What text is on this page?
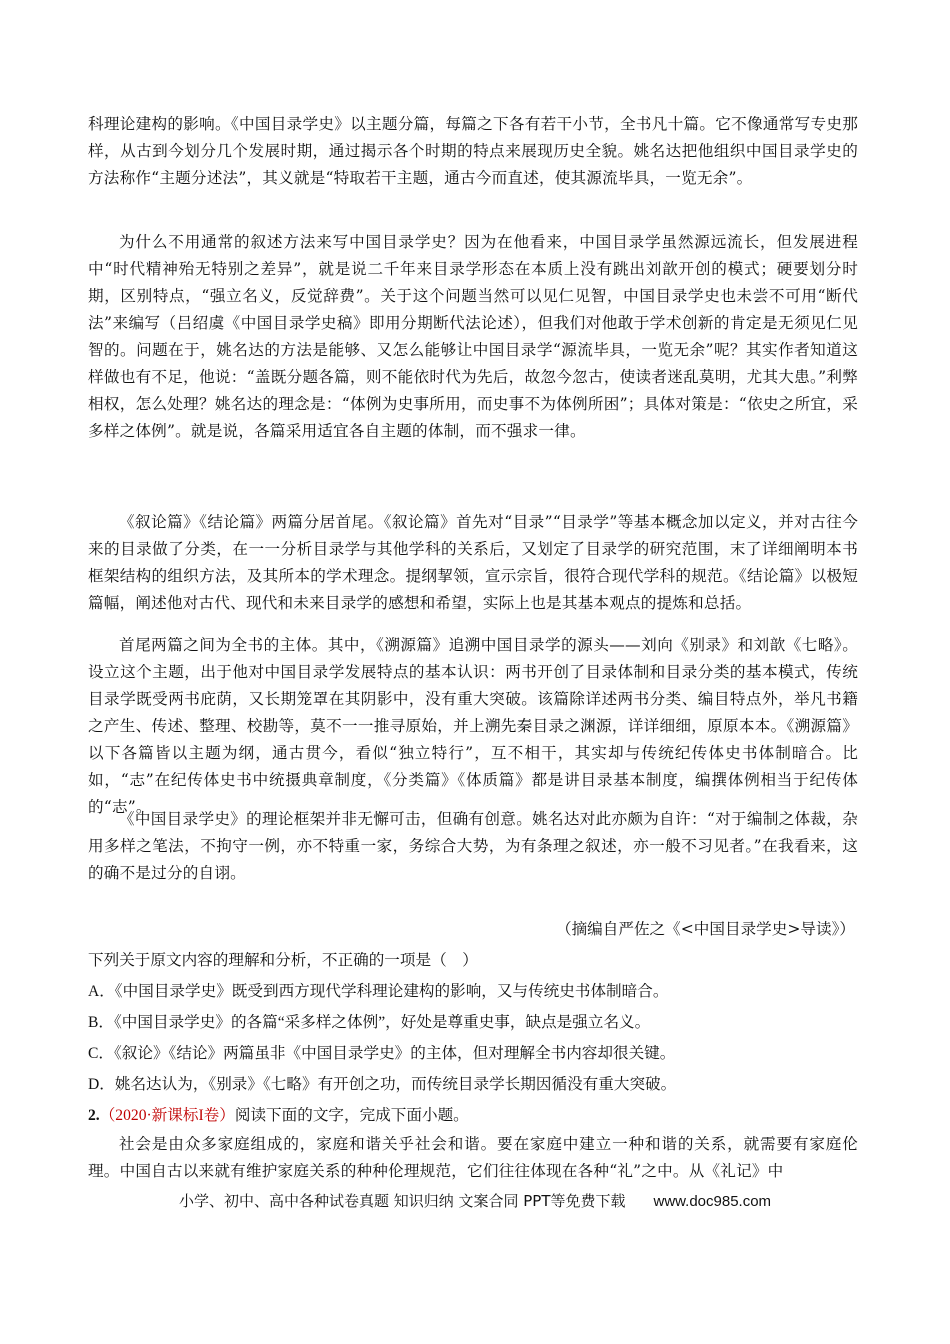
科理论建构的影响。《中国目录学史》以主题分篇，每篇之下各有若干小节，全书凡十篇。它不像通常写专史那样，从古到今划分几个发展时期，通过揭示各个时期的特点来展现历史全貌。姚名达把他组织中国目录学史的方法称作“主题分述法”，其义就是“特取若干主题，通古今而直述，使其源流毕具，一览无余”。

为什么不用通常的叙述方法来写中国目录学史？因为在他看来，中国目录学虽然源远流长，但发展进程中“时代精神殆无特别之差异”，就是说二千年来目录学形态在本质上没有跳出刘歆开创的模式；硬要划分时期，区别特点，“强立名义，反觉辞费”。关于这个问题当然可以见仁见智，中国目录学史也未尝不可用“断代法”来编写（吕绍虞《中国目录学史稿》即用分期断代法论述），但我们对他敢于学术创新的肯定是无须见仁见智的。问题在于，姚名达的方法是能够、又怎么能够让中国目录学“源流毕具，一览无余”呢？其实作者知道这样做也有不足，他说：“盖既分题各篇，则不能依时代为先后，故忽今忽古，使读者迷乱莫明，尤其大患。”利弊相权，怎么处理？姚名达的理念是：“体例为史事所用，而史事不为体例所困”；具体对策是：“依史之所宜，采多样之体例”。就是说，各篇采用适宜各自主题的体制，而不强求一律。

《叙论篇》《结论篇》两篇分居首尾。《叙论篇》首先对“目录”“目录学”等基本概念加以定义，并对古往今来的目录做了分类，在一一分析目录学与其他学科的关系后，又划定了目录学的研究范围，末了详细阐明本书框架结构的组织方法，及其所本的学术理念。提纲挈领，宣示宗旨，很符合现代学科的规范。《结论篇》以极短篇幅，阐述他对古代、现代和未来目录学的感想和希望，实际上也是其基本观点的提炼和总括。

首尾两篇之间为全书的主体。其中，《溯源篇》追溯中国目录学的源头——刘向《别录》和刘歆《七略》。设立这个主题，出于他对中国目录学发展特点的基本认识：两书开创了目录体制和目录分类的基本模式，传统目录学既受两书庇荫，又长期笼罩在其阴影中，没有重大突破。该篇除详述两书分类、编目特点外，举凡书籍之产生、传述、整理、校勘等，莫不一一推寻原始，并上溯先秦目录之渊源，详详细细，原原本本。《溯源篇》以下各篇皆以主题为纲，通古贯今，看似“独立特行”，互不相干，其实却与传统纪传体史书体制暗合。比如，“志”在纪传体史书中统摄典章制度，《分类篇》《体质篇》都是讲目录基本制度，编撰体例相当于纪传体的“志”。

《中国目录学史》的理论框架并非无懈可击，但确有创意。姚名达对此亦颇为自许：“对于编制之体裁，杂用多样之笔法，不拘守一例，亦不特重一家，务综合大势，为有条理之叙述，亦一般不习见者。”在我看来，这的确不是过分的自诩。

（摘编自严佐之《<中国目录学史>导读》）

下列关于原文内容的理解和分析，不正确的一项是（　）

A．《中国目录学史》既受到西方现代学科理论建构的影响，又与传统史书体制暗合。

B．《中国目录学史》的各篇“采多样之体例”，好处是尊重史事，缺点是强立名义。

C．《叙论》《结论》两篇虽非《中国目录学史》的主体，但对理解全书内容却很关键。

D．姚名达认为，《别录》《七略》有开创之功，而传统目录学长期因循没有重大突破。

2.（2020·新课标I卷）阅读下面的文字，完成下面小题。

社会是由众多家庭组成的，家庭和谐关乎社会和谐。要在家庭中建立一种和谐的关系，就需要有家庭伦理。中国自古以来就有维护家庭关系的种种伦理规范，它们往往体现在各种“礼”之中。从《礼记》中

小学、初中、高中各种试卷真题 知识归纳 文案合同 PPT等免费下载 www.doc985.com
